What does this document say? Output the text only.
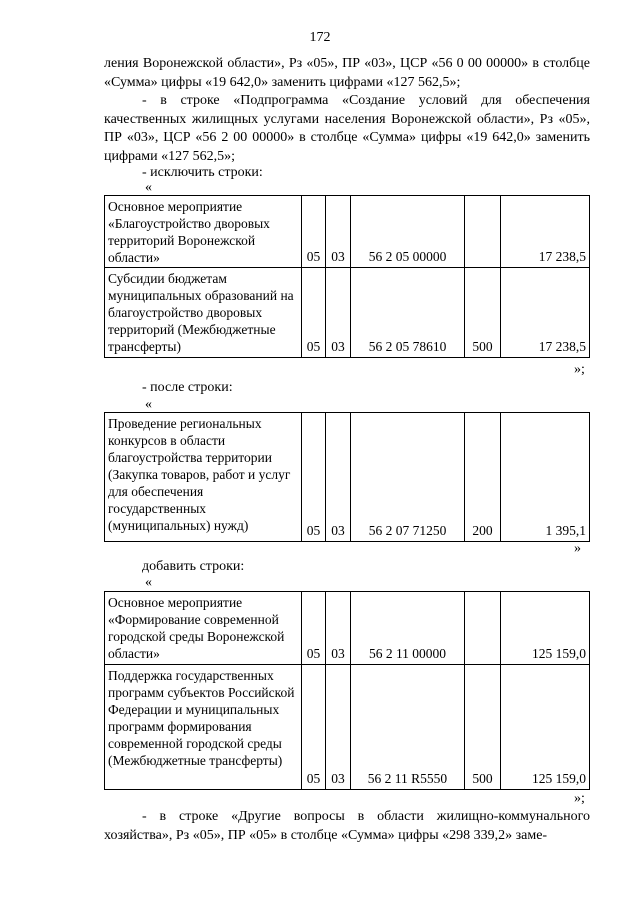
172
ления Воронежской области», Рз «05», ПР «03», ЦСР «56 0 00 00000» в столбце «Сумма» цифры «19 642,0» заменить цифрами «127 562,5»;
- в строке «Подпрограмма «Создание условий для обеспечения качественных жилищных услугами населения Воронежской области», Рз «05», ПР «03», ЦСР «56 2 00 00000» в столбце «Сумма» цифры «19 642,0» заменить цифрами «127 562,5»;
- исключить строки:
«
Основное мероприятие «Благоустройство дворовых территорий Воронежской области»	05	03	56 2 05 00000		17 238,5
Субсидии бюджетам муниципальных образований на благоустройство дворовых территорий (Межбюджетные трансферты)	05	03	56 2 05 78610	500	17 238,5
»;
- после строки:
«
Проведение региональных конкурсов в области благоустройства территории (Закупка товаров, работ и услуг для обеспечения государственных (муниципальных) нужд)	05	03	56 2 07 71250	200	1 395,1
»
добавить строки:
«
Основное мероприятие «Формирование современной городской среды Воронежской области»	05	03	56 2 11 00000		125 159,0
Поддержка государственных программ субъектов Российской Федерации и муниципальных программ формирования современной городской среды (Межбюджетные трансферты)	05	03	56 2 11 R5550	500	125 159,0
»;
- в строке «Другие вопросы в области жилищно-коммунального хозяйства», Рз «05», ПР «05» в столбце «Сумма» цифры «298 339,2» заме-
